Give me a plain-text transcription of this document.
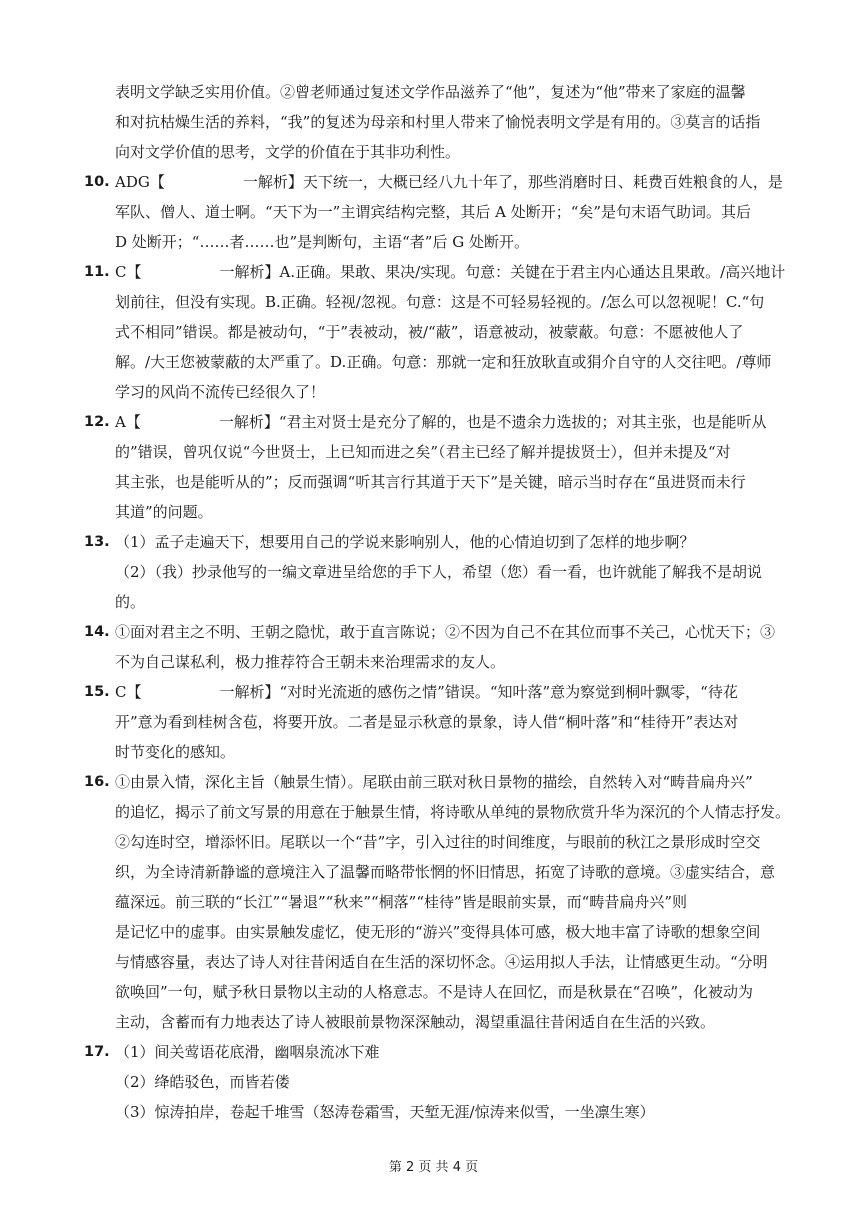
表明文学缺乏实用价值。②曾老师通过复述文学作品滋养了“他”，复述为“他”带来了家庭的温馨
和对抗枯燥生活的养料，“我”的复述为母亲和村里人带来了愉悦表明文学是有用的。③莫言的话指
向对文学价值的思考，文学的价值在于其非功利性。
10. ADG【	一解析】天下统一，大概已经八九十年了，那些消磨时日、耗费百姓粮食的人，是
军队、僧人、道士啊。“天下为一”主谓宾结构完整，其后 A 处断开；“矣”是句末语气助词。其后
D 处断开；“……者……也”是判断句，主语“者”后 G 处断开。
11. C【	一解析】A.正确。果敢、果决/实现。句意：关键在于君主内心通达且果敢。/高兴地计
划前往，但没有实现。B.正确。轻视/忽视。句意：这是不可轻易轻视的。/怎么可以忽视呢！C.“句
式不相同”错误。都是被动句，“于”表被动，被/“蔽”，语意被动，被蒙蔽。句意：不愿被他人了
解。/大王您被蒙蔽的太严重了。D.正确。句意：那就一定和狂放耿直或狷介自守的人交往吧。/尊师
学习的风尚不流传已经很久了！
12. A【	一解析】“君主对贤士是充分了解的，也是不遗余力选拔的；对其主张，也是能听从
的”错误，曾巩仅说“今世贤士，上已知而进之矣”（君主已经了解并提拔贤士），但并未提及“对
其主张，也是能听从的”；反而强调“听其言行其道于天下”是关键，暗示当时存在“虽进贤而未行
其道”的问题。
13. （1）孟子走遍天下，想要用自己的学说来影响别人，他的心情迫切到了怎样的地步啊？
（2）（我）抄录他写的一编文章进呈给您的手下人，希望（您）看一看，也许就能了解我不是胡说
的。
14. ①面对君主之不明、王朝之隐忧，敢于直言陈说；②不因为自己不在其位而事不关己，心忧天下；③
不为自己谋私利，极力推荐符合王朝未来治理需求的友人。
15. C【	一解析】“对时光流逝的感伤之情”错误。“知叶落”意为察觉到桐叶飘零，“待花
开”意为看到桂树含苞，将要开放。二者是显示秋意的景象，诗人借“桐叶落”和“桂待开”表达对
时节变化的感知。
16. ①由景入情，深化主旨（触景生情）。尾联由前三联对秋日景物的描绘，自然转入对“畴昔扁舟兴”
的追忆，揭示了前文写景的用意在于触景生情，将诗歌从单纯的景物欣赏升华为深沉的个人情志抒发。
②勾连时空，增添怀旧。尾联以一个“昔”字，引入过往的时间维度，与眼前的秋江之景形成时空交
织，为全诗清新静谧的意境注入了温馨而略带怅惘的怀旧情思，拓宽了诗歌的意境。③虚实结合，意
蕴深远。前三联的“长江”“暑退”“秋来”“桐落”“桂待”皆是眼前实景，而“畴昔扁舟兴”则
是记忆中的虚事。由实景触发虚忆，使无形的“游兴”变得具体可感，极大地丰富了诗歌的想象空间
与情感容量，表达了诗人对往昔闲适自在生活的深切怀念。④运用拟人手法，让情感更生动。“分明
欲唤回”一句，赋予秋日景物以主动的人格意志。不是诗人在回忆，而是秋景在“召唤”，化被动为
主动，含蓄而有力地表达了诗人被眼前景物深深触动，渴望重温往昔闲适自在生活的兴致。
17. （1）间关莺语花底滑，幽咽泉流冰下难
（2）绛皓驳色，而皆若偻
（3）惊涛拍岸，卷起千堆雪（怒涛卷霜雪，天堑无涯/惊涛来似雪，一坐凛生寒）
第 2 页 共 4 页
